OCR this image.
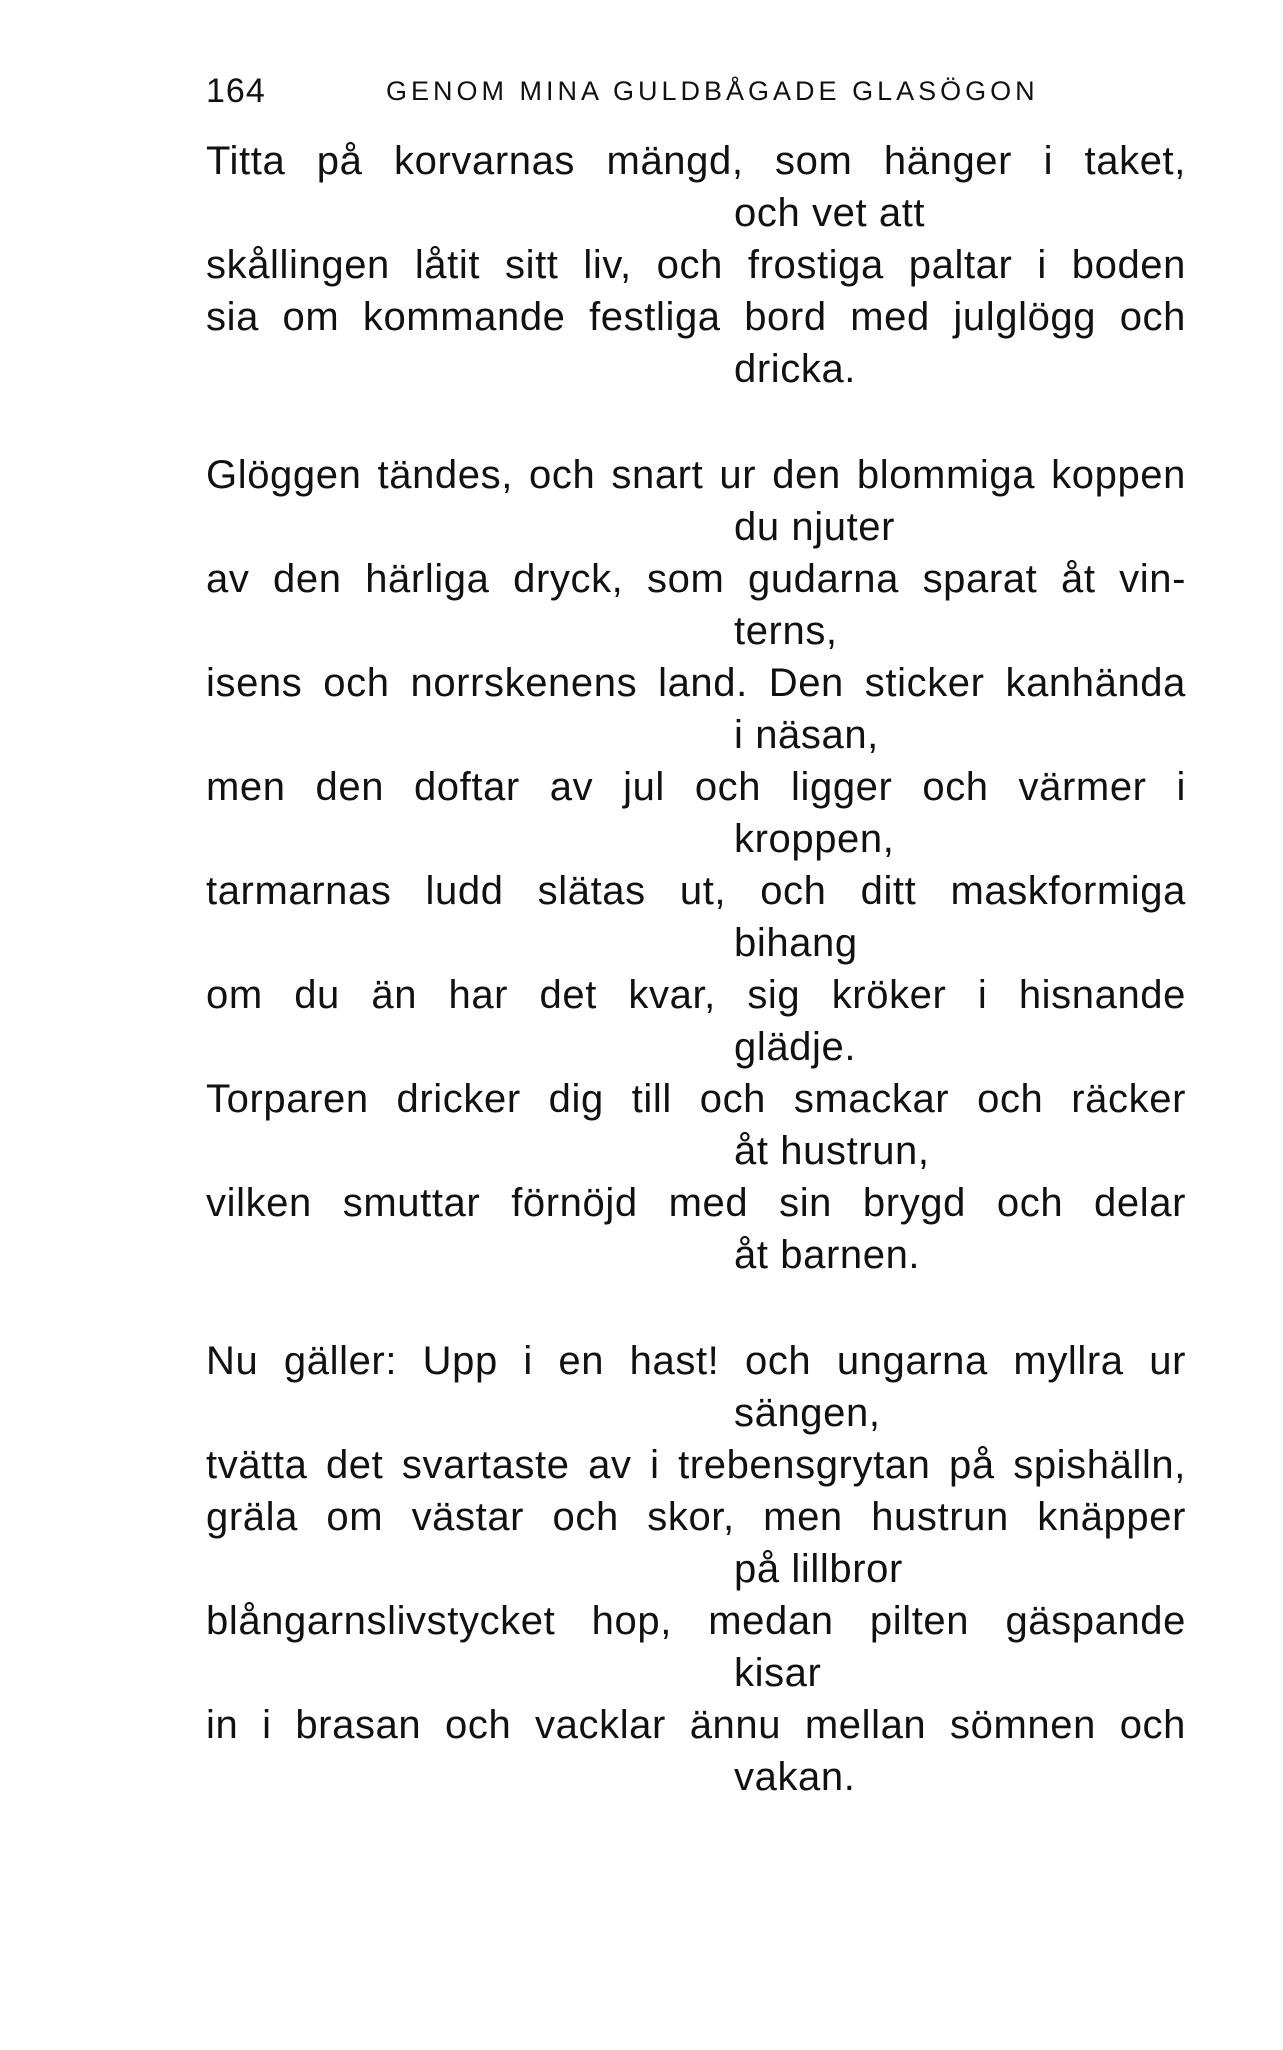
164	GENOM MINA GULDBÅGADE GLASÖGON
Titta på korvarnas mängd, som hänger i taket,
och vet att
skållingen låtit sitt liv, och frostiga paltar i boden
sia om kommande festliga bord med julglögg och
dricka.
Glöggen tändes, och snart ur den blommiga koppen
du njuter
av den härliga dryck, som gudarna sparat åt vin-
terns,
isens och norrskenens land. Den sticker kanhända
i näsan,
men den doftar av jul och ligger och värmer i
kroppen,
tarmarnas ludd slätas ut, och ditt maskformiga
bihang
om du än har det kvar, sig kröker i hisnande
glädje.
Torparen dricker dig till och smackar och räcker
åt hustrun,
vilken smuttar förnöjd med sin brygd och delar
åt barnen.
Nu gäller: Upp i en hast! och ungarna myllra ur
sängen,
tvätta det svartaste av i trebensgrytan på spishälln,
gräla om västar och skor, men hustrun knäpper
på lillbror
blångarnslivstycket hop, medan pilten gäspande
kisar
in i brasan och vacklar ännu mellan sömnen och
vakan.
